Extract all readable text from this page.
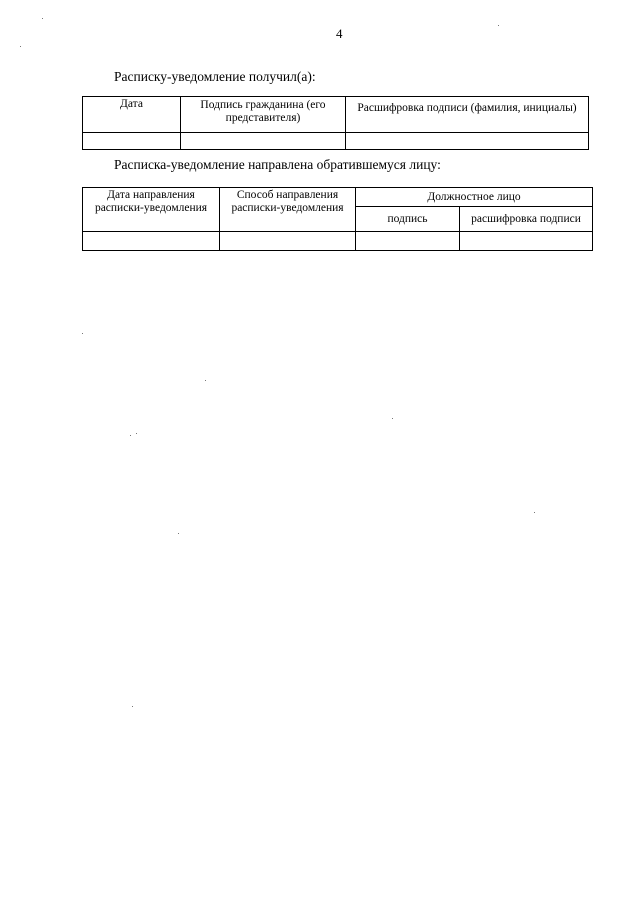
4
Расписку-уведомление получил(а):
Дата	Подпись гражданина (его представителя)	Расшифровка подписи (фамилия, инициалы)

Расписка-уведомление направлена обратившемуся лицу:
Дата направления расписки-уведомления	Способ направления расписки-уведомления	Должностное лицо	
		подпись	расшифровка подписи
